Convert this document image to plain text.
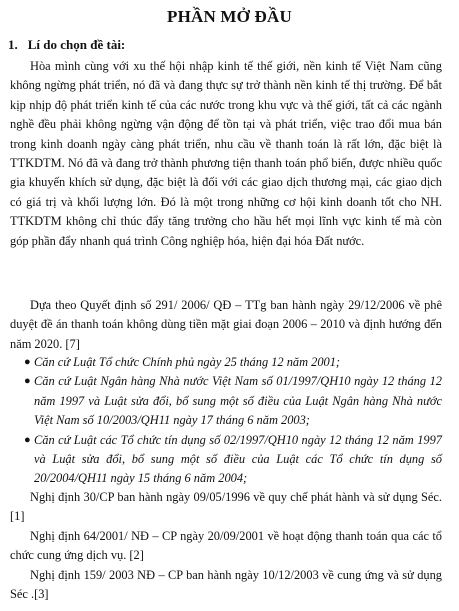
PHẦN MỞ ĐẦU
1. Lí do chọn đề tài:

Hòa mình cùng với xu thế hội nhập kinh tế thế giới, nền kinh tế Việt Nam cũng không ngừng phát triển, nó đã và đang thực sự trở thành nền kinh tế thị trường. Để bắt kịp nhịp độ phát triển kinh tế của các nước trong khu vực và thế giới, tất cả các ngành nghề đều phải không ngừng vận động để tồn tại và phát triển, việc trao đổi mua bán trong kinh doanh ngày càng phát triển, nhu cầu về thanh toán là rất lớn, đặc biệt là TTKDTM. Nó đã và đang trở thành phương tiện thanh toán phổ biến, được nhiều quốc gia khuyến khích sử dụng, đặc biệt là đối với các giao dịch thương mại, các giao dịch có giá trị và khối lượng lớn. Đó là một trong những cơ hội kinh doanh tốt cho NH. TTKDTM không chỉ thúc đẩy tăng trưởng cho hầu hết mọi lĩnh vực kinh tế mà còn góp phần đẩy nhanh quá trình Công nghiệp hóa, hiện đại hóa Đất nước.

Dựa theo Quyết định số 291/ 2006/ QĐ – TTg ban hành ngày 29/12/2006 về phê duyệt đề án thanh toán không dùng tiền mặt giai đoạn 2006 – 2010 và định hướng đến năm 2020. [7]

● Căn cứ Luật Tổ chức Chính phủ ngày 25 tháng 12 năm 2001;
● Căn cứ Luật Ngân hàng Nhà nước Việt Nam số 01/1997/QH10 ngày 12 tháng 12 năm 1997 và Luật sửa đổi, bổ sung một số điều của Luật Ngân hàng Nhà nước Việt Nam số 10/2003/QH11 ngày 17 tháng 6 năm 2003;
● Căn cứ Luật các Tổ chức tín dụng số 02/1997/QH10 ngày 12 tháng 12 năm 1997 và Luật sửa đổi, bổ sung một số điều của Luật các Tổ chức tín dụng số 20/2004/QH11 ngày 15 tháng 6 năm 2004;

Nghị định 30/CP ban hành ngày 09/05/1996 về quy chế phát hành và sử dụng Séc. [1]

Nghị định 64/2001/ NĐ – CP ngày 20/09/2001 về hoạt động thanh toán qua các tổ chức cung ứng dịch vụ. [2]

Nghị định 159/ 2003 NĐ – CP ban hành ngày 10/12/2003 về cung ứng và sử dụng Séc .[3]
